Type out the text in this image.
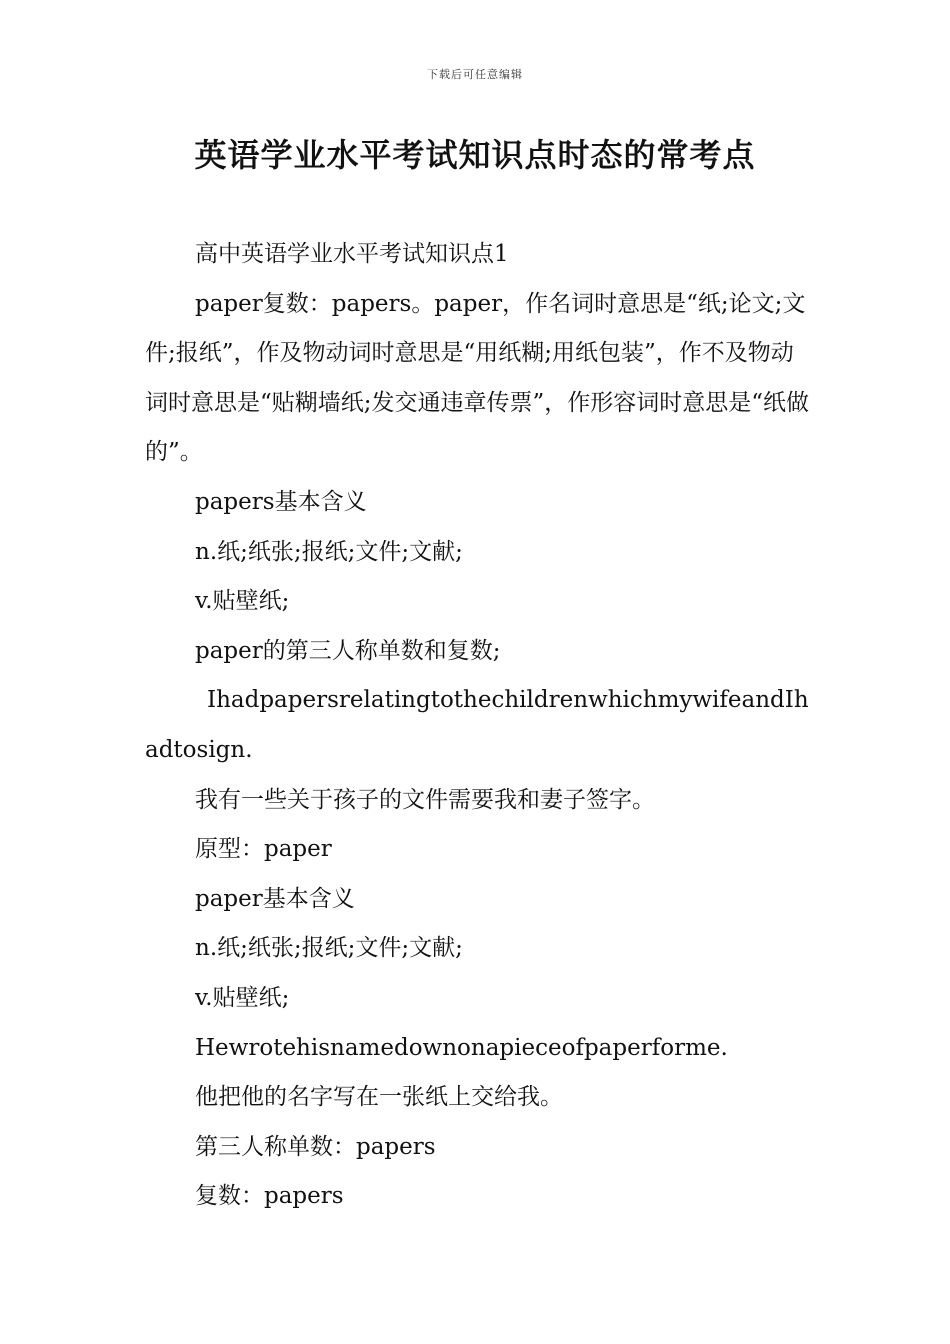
下载后可任意编辑
英语学业水平考试知识点时态的常考点

高中英语学业水平考试知识点1

paper复数：papers。paper，作名词时意思是“纸;论文;文件;报纸”，作及物动词时意思是“用纸糊;用纸包装”，作不及物动词时意思是“贴糊墙纸;发交通违章传票”，作形容词时意思是“纸做的”。

papers基本含义

n.纸;纸张;报纸;文件;文献;

v.贴壁纸;

paper的第三人称单数和复数;

IhadpapersrelatingtothechildrenwhichmywifeandIhadtosign.

我有一些关于孩子的文件需要我和妻子签字。

原型：paper

paper基本含义

n.纸;纸张;报纸;文件;文献;

v.贴壁纸;

Hewrotehisnamedownonapieceofpaperforme.

他把他的名字写在一张纸上交给我。

第三人称单数：papers

复数：papers
